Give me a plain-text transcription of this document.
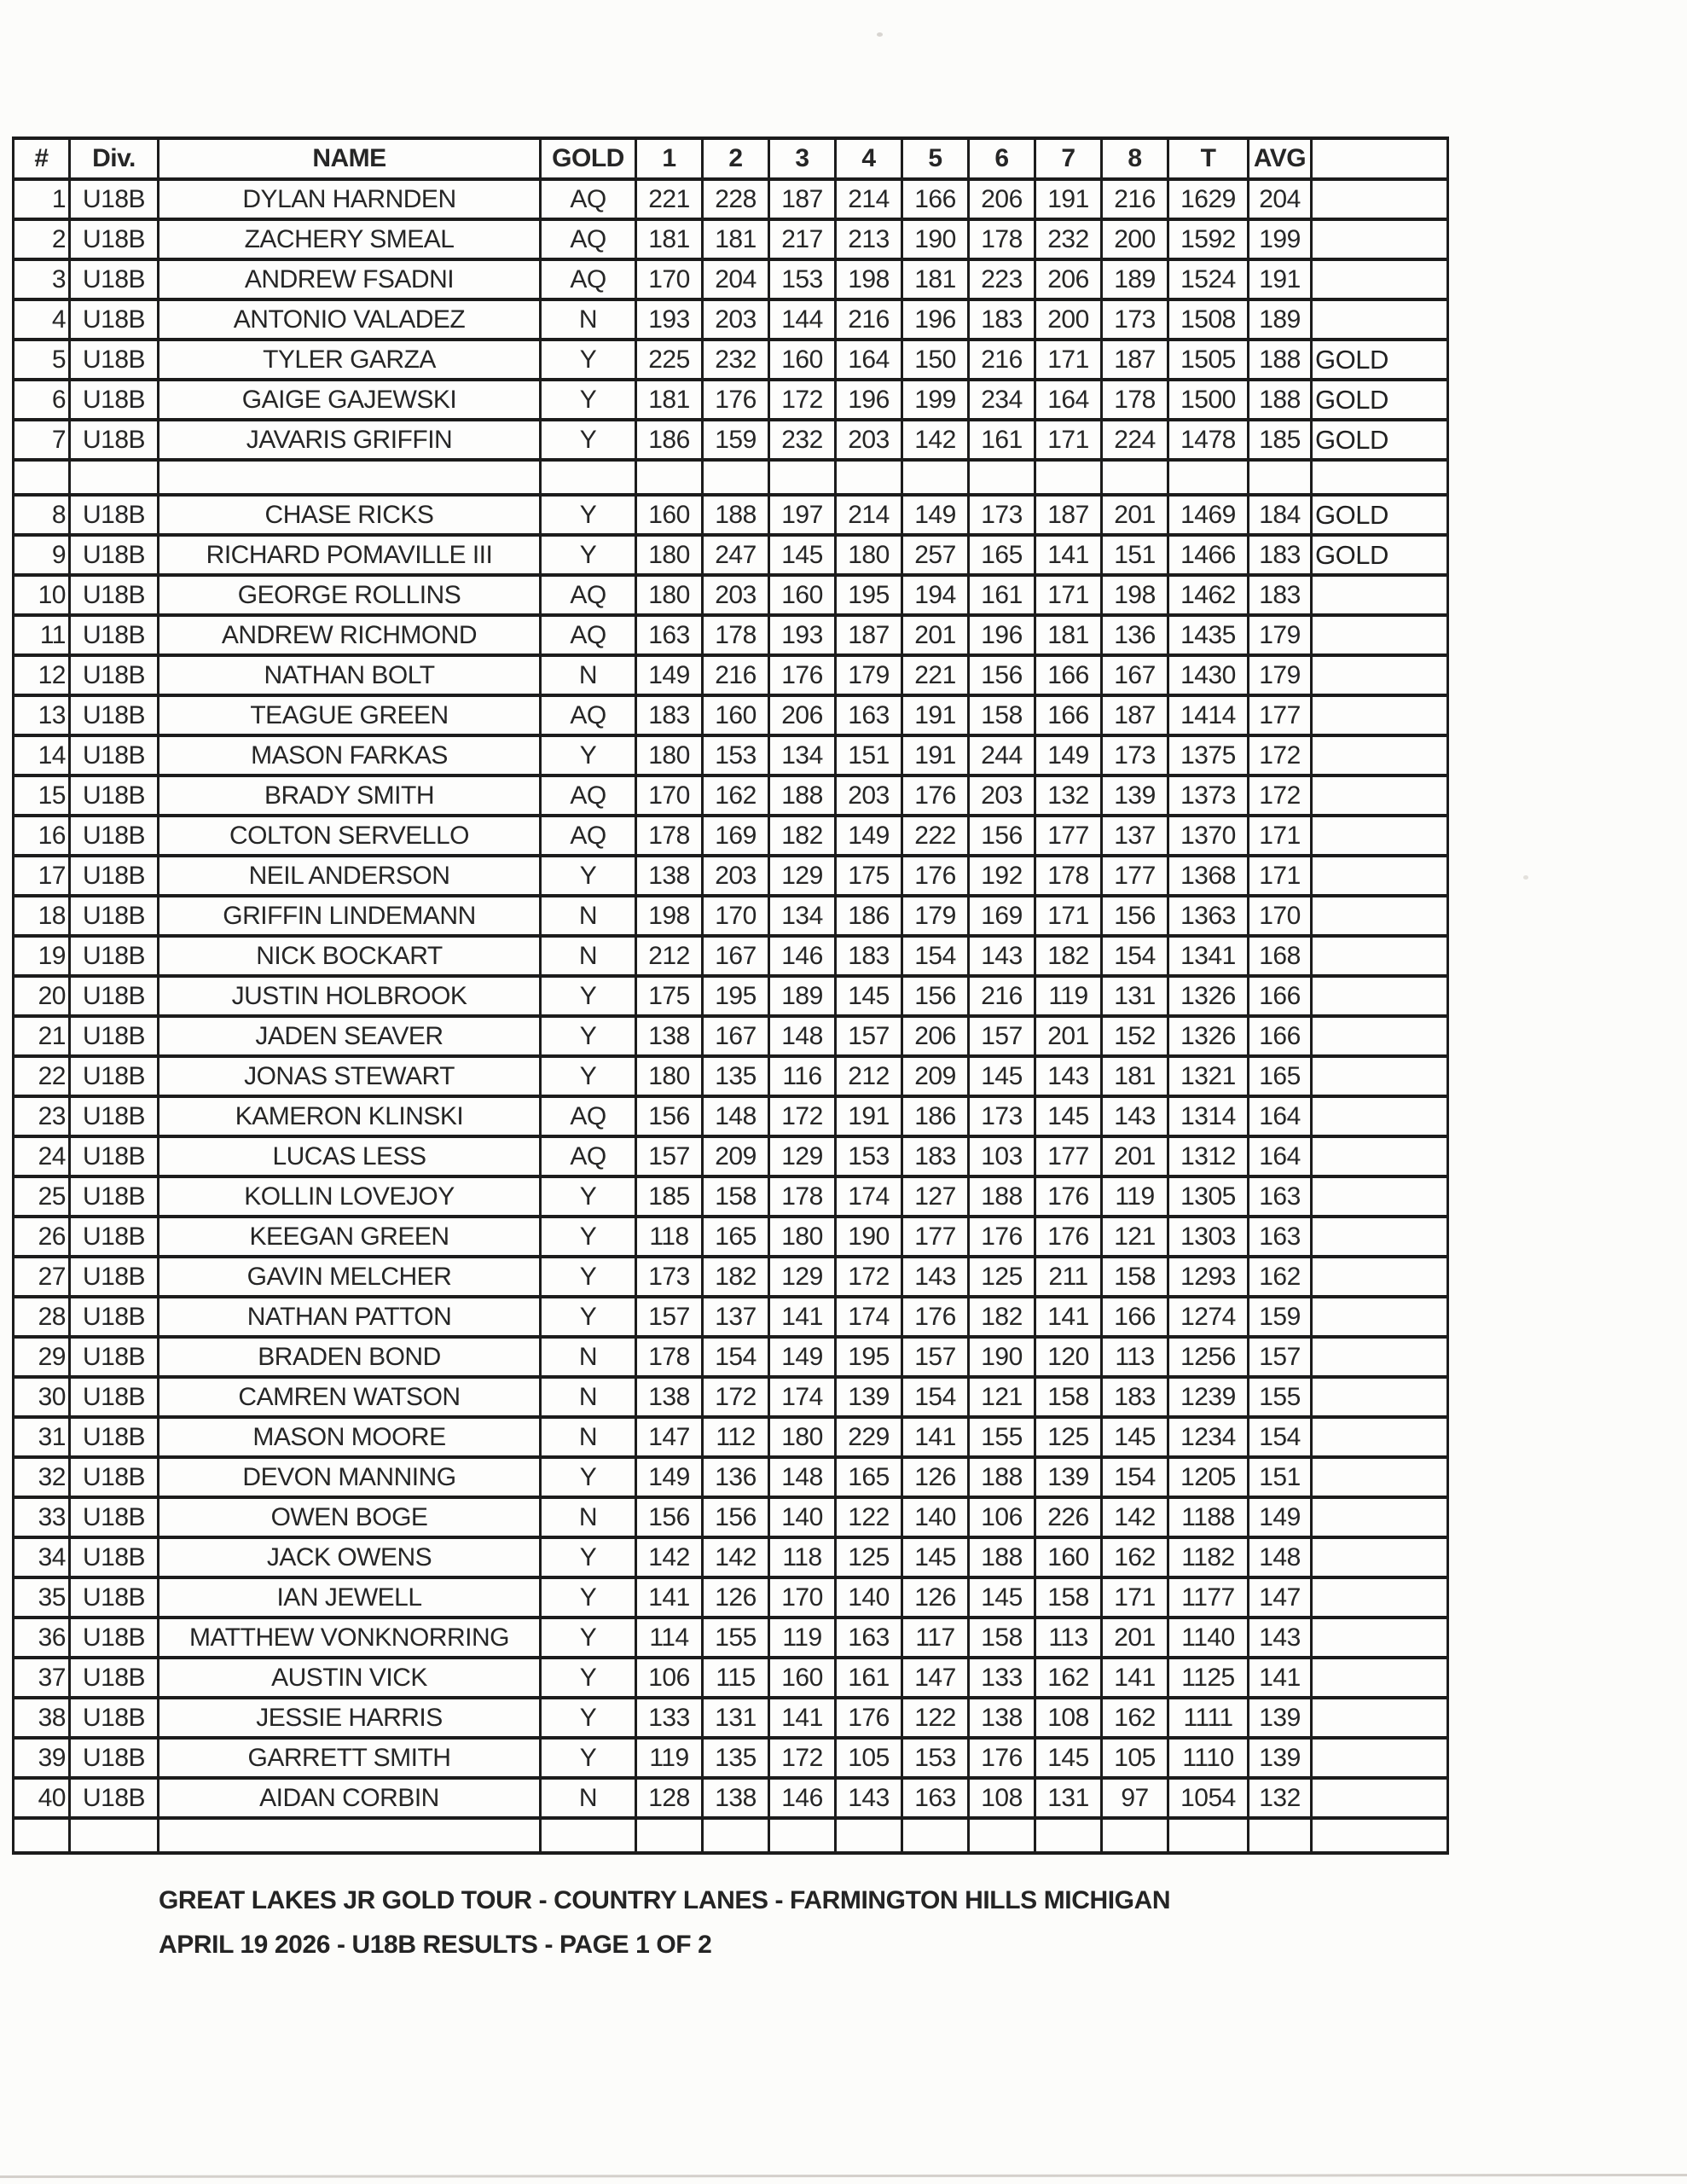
#	Div.	NAME	GOLD	1	2	3	4	5	6	7	8	T	AVG	
1	U18B	DYLAN HARNDEN	AQ	221	228	187	214	166	206	191	216	1629	204	
2	U18B	ZACHERY SMEAL	AQ	181	181	217	213	190	178	232	200	1592	199	
3	U18B	ANDREW FSADNI	AQ	170	204	153	198	181	223	206	189	1524	191	
4	U18B	ANTONIO VALADEZ	N	193	203	144	216	196	183	200	173	1508	189	
5	U18B	TYLER GARZA	Y	225	232	160	164	150	216	171	187	1505	188	GOLD
6	U18B	GAIGE GAJEWSKI	Y	181	176	172	196	199	234	164	178	1500	188	GOLD
7	U18B	JAVARIS GRIFFIN	Y	186	159	232	203	142	161	171	224	1478	185	GOLD

8	U18B	CHASE RICKS	Y	160	188	197	214	149	173	187	201	1469	184	GOLD
9	U18B	RICHARD POMAVILLE III	Y	180	247	145	180	257	165	141	151	1466	183	GOLD
10	U18B	GEORGE ROLLINS	AQ	180	203	160	195	194	161	171	198	1462	183	
11	U18B	ANDREW RICHMOND	AQ	163	178	193	187	201	196	181	136	1435	179	
12	U18B	NATHAN BOLT	N	149	216	176	179	221	156	166	167	1430	179	
13	U18B	TEAGUE GREEN	AQ	183	160	206	163	191	158	166	187	1414	177	
14	U18B	MASON FARKAS	Y	180	153	134	151	191	244	149	173	1375	172	
15	U18B	BRADY SMITH	AQ	170	162	188	203	176	203	132	139	1373	172	
16	U18B	COLTON SERVELLO	AQ	178	169	182	149	222	156	177	137	1370	171	
17	U18B	NEIL ANDERSON	Y	138	203	129	175	176	192	178	177	1368	171	
18	U18B	GRIFFIN LINDEMANN	N	198	170	134	186	179	169	171	156	1363	170	
19	U18B	NICK BOCKART	N	212	167	146	183	154	143	182	154	1341	168	
20	U18B	JUSTIN HOLBROOK	Y	175	195	189	145	156	216	119	131	1326	166	
21	U18B	JADEN SEAVER	Y	138	167	148	157	206	157	201	152	1326	166	
22	U18B	JONAS STEWART	Y	180	135	116	212	209	145	143	181	1321	165	
23	U18B	KAMERON KLINSKI	AQ	156	148	172	191	186	173	145	143	1314	164	
24	U18B	LUCAS LESS	AQ	157	209	129	153	183	103	177	201	1312	164	
25	U18B	KOLLIN LOVEJOY	Y	185	158	178	174	127	188	176	119	1305	163	
26	U18B	KEEGAN GREEN	Y	118	165	180	190	177	176	176	121	1303	163	
27	U18B	GAVIN MELCHER	Y	173	182	129	172	143	125	211	158	1293	162	
28	U18B	NATHAN PATTON	Y	157	137	141	174	176	182	141	166	1274	159	
29	U18B	BRADEN BOND	N	178	154	149	195	157	190	120	113	1256	157	
30	U18B	CAMREN WATSON	N	138	172	174	139	154	121	158	183	1239	155	
31	U18B	MASON MOORE	N	147	112	180	229	141	155	125	145	1234	154	
32	U18B	DEVON MANNING	Y	149	136	148	165	126	188	139	154	1205	151	
33	U18B	OWEN BOGE	N	156	156	140	122	140	106	226	142	1188	149	
34	U18B	JACK OWENS	Y	142	142	118	125	145	188	160	162	1182	148	
35	U18B	IAN JEWELL	Y	141	126	170	140	126	145	158	171	1177	147	
36	U18B	MATTHEW VONKNORRING	Y	114	155	119	163	117	158	113	201	1140	143	
37	U18B	AUSTIN VICK	Y	106	115	160	161	147	133	162	141	1125	141	
38	U18B	JESSIE HARRIS	Y	133	131	141	176	122	138	108	162	1111	139	
39	U18B	GARRETT SMITH	Y	119	135	172	105	153	176	145	105	1110	139	
40	U18B	AIDAN CORBIN	N	128	138	146	143	163	108	131	97	1054	132	

GREAT LAKES JR GOLD TOUR - COUNTRY LANES - FARMINGTON HILLS MICHIGAN
APRIL 19 2026 - U18B RESULTS - PAGE 1 OF 2
